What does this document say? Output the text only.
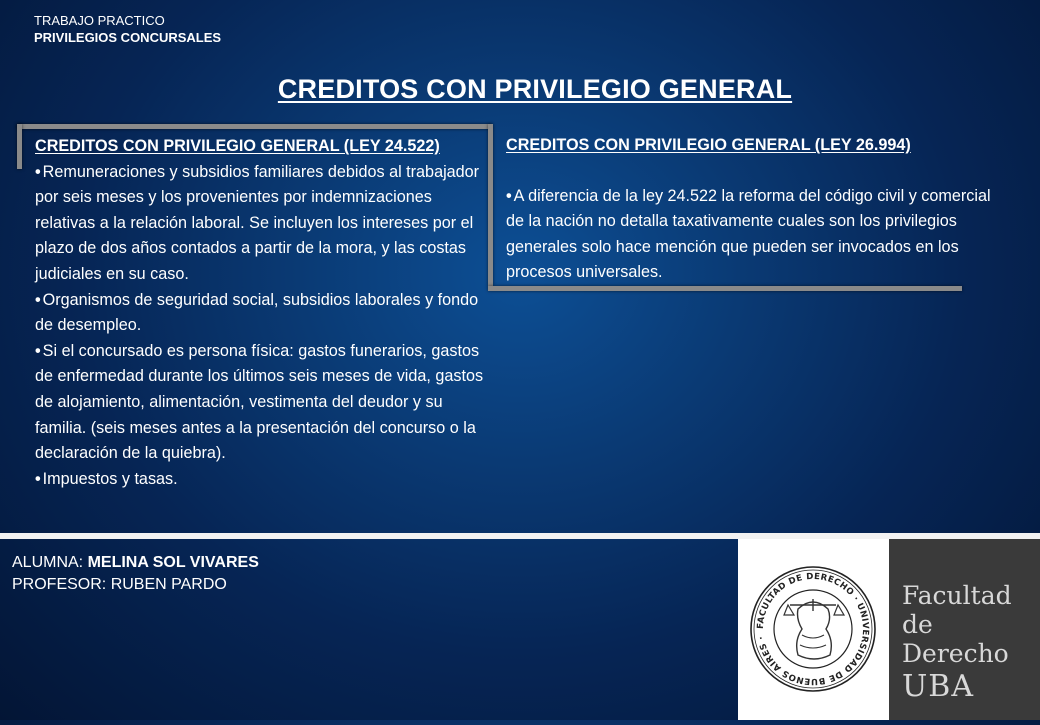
TRABAJO PRACTICO
PRIVILEGIOS CONCURSALES
CREDITOS CON PRIVILEGIO GENERAL
CREDITOS CON PRIVILEGIO GENERAL (LEY 24.522)
• Remuneraciones y subsidios familiares debidos al trabajador por seis meses y los provenientes por indemnizaciones relativas a la relación laboral. Se incluyen los intereses por el plazo de dos años contados a partir de la mora, y las costas judiciales en su caso.
• Organismos de seguridad social, subsidios laborales y fondo de desempleo.
• Si el concursado es persona física: gastos funerarios, gastos de enfermedad durante los últimos seis meses de vida, gastos de alojamiento, alimentación, vestimenta del deudor y su familia. (seis meses antes a la presentación del concurso o la declaración de la quiebra).
• Impuestos y tasas.
CREDITOS CON PRIVILEGIO GENERAL (LEY 26.994)
• A diferencia de la ley 24.522 la reforma del código civil y comercial de la nación no detalla taxativamente cuales son los privilegios generales solo hace mención que pueden ser invocados en los procesos universales.
ALUMNA: MELINA SOL VIVARES
PROFESOR: RUBEN PARDO
FACULTAD DE DERECHO · UNIVERSIDAD DE BUENOS AIRES ·
Facultad
de Derecho
UBA
